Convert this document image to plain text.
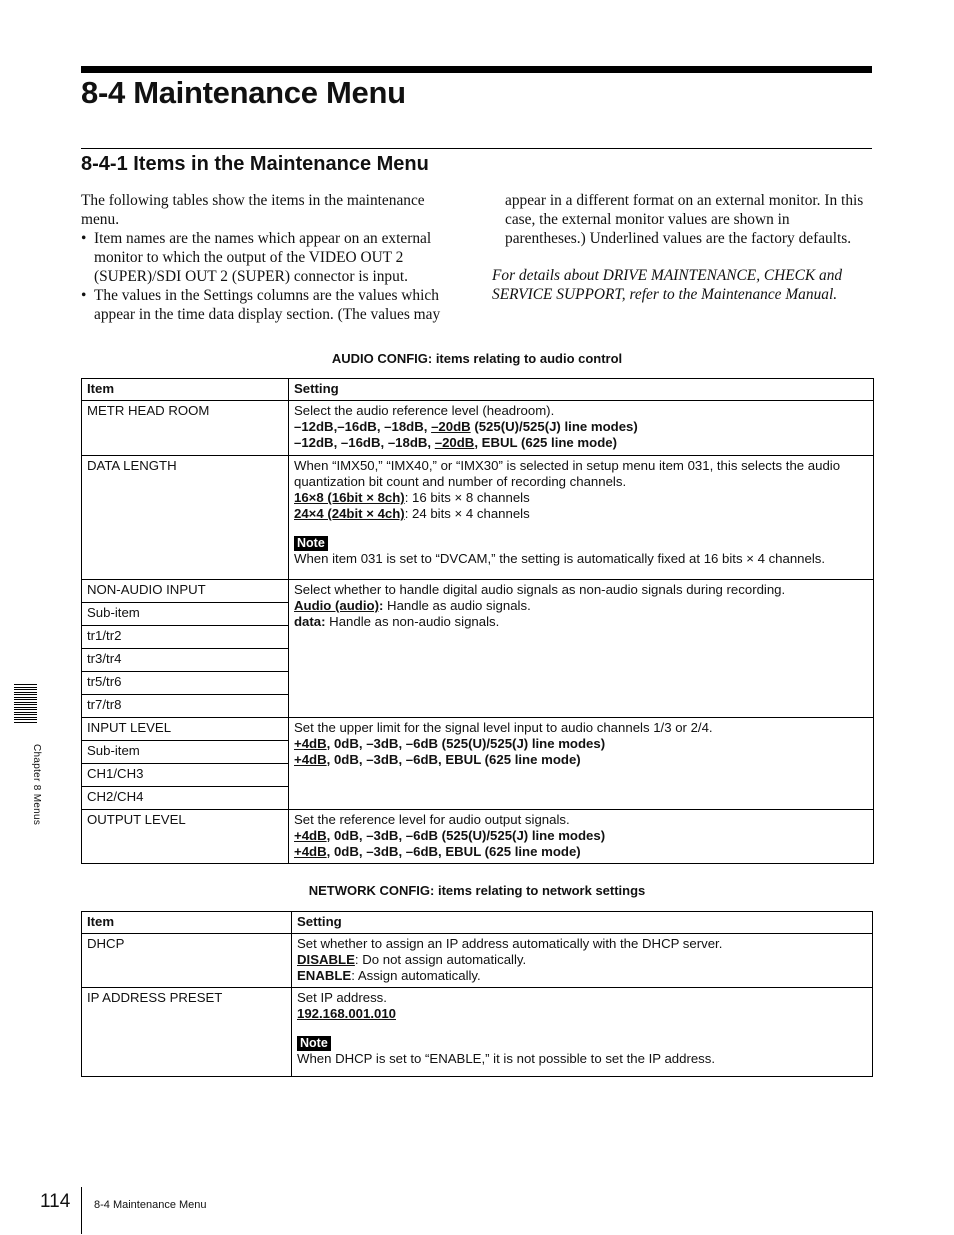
8-4 Maintenance Menu
8-4-1 Items in the Maintenance Menu

The following tables show the items in the maintenance menu.

• Item names are the names which appear on an external monitor to which the output of the VIDEO OUT 2 (SUPER)/SDI OUT 2 (SUPER) connector is input.

• The values in the Settings columns are the values which appear in the time data display section. (The values may

appear in a different format on an external monitor. In this case, the external monitor values are shown in parentheses.) Underlined values are the factory defaults.

For details about DRIVE MAINTENANCE, CHECK and SERVICE SUPPORT, refer to the Maintenance Manual.

AUDIO CONFIG: items relating to audio control
Item	Setting
METR HEAD ROOM	Select the audio reference level (headroom).
–12dB,–16dB, –18dB, –20dB (525(U)/525(J) line modes)
–12dB, –16dB, –18dB, –20dB, EBUL (625 line mode)

DATA LENGTH	When “IMX50,” “IMX40,” or “IMX30” is selected in setup menu item 031, this selects the audio quantization bit count and number of recording channels.
16×8 (16bit × 8ch): 16 bits × 8 channels
24×4 (24bit × 4ch): 24 bits × 4 channels
Note
When item 031 is set to “DVCAM,” the setting is automatically fixed at 16 bits × 4 channels.

NON-AUDIO INPUT	Select whether to handle digital audio signals as non-audio signals during recording.
Audio (audio): Handle as audio signals.
data: Handle as non-audio signals.

Sub-item	
tr1/tr2	
tr3/tr4	
tr5/tr6	
tr7/tr8	
INPUT LEVEL	Set the upper limit for the signal level input to audio channels 1/3 or 2/4.
+4dB, 0dB, –3dB, –6dB (525(U)/525(J) line modes)
+4dB, 0dB, –3dB, –6dB, EBUL (625 line mode)

Sub-item	
CH1/CH3	
CH2/CH4	
OUTPUT LEVEL	Set the reference level for audio output signals.
+4dB, 0dB, –3dB, –6dB (525(U)/525(J) line modes)
+4dB, 0dB, –3dB, –6dB, EBUL (625 line mode)
NETWORK CONFIG: items relating to network settings
Item	Setting
DHCP	Set whether to assign an IP address automatically with the DHCP server.
DISABLE: Do not assign automatically.
ENABLE: Assign automatically.

IP ADDRESS PRESET	Set IP address.
192.168.001.010
Note
When DHCP is set to “ENABLE,” it is not possible to set the IP address.
Chapter 8 Menus
114 8-4 Maintenance Menu
